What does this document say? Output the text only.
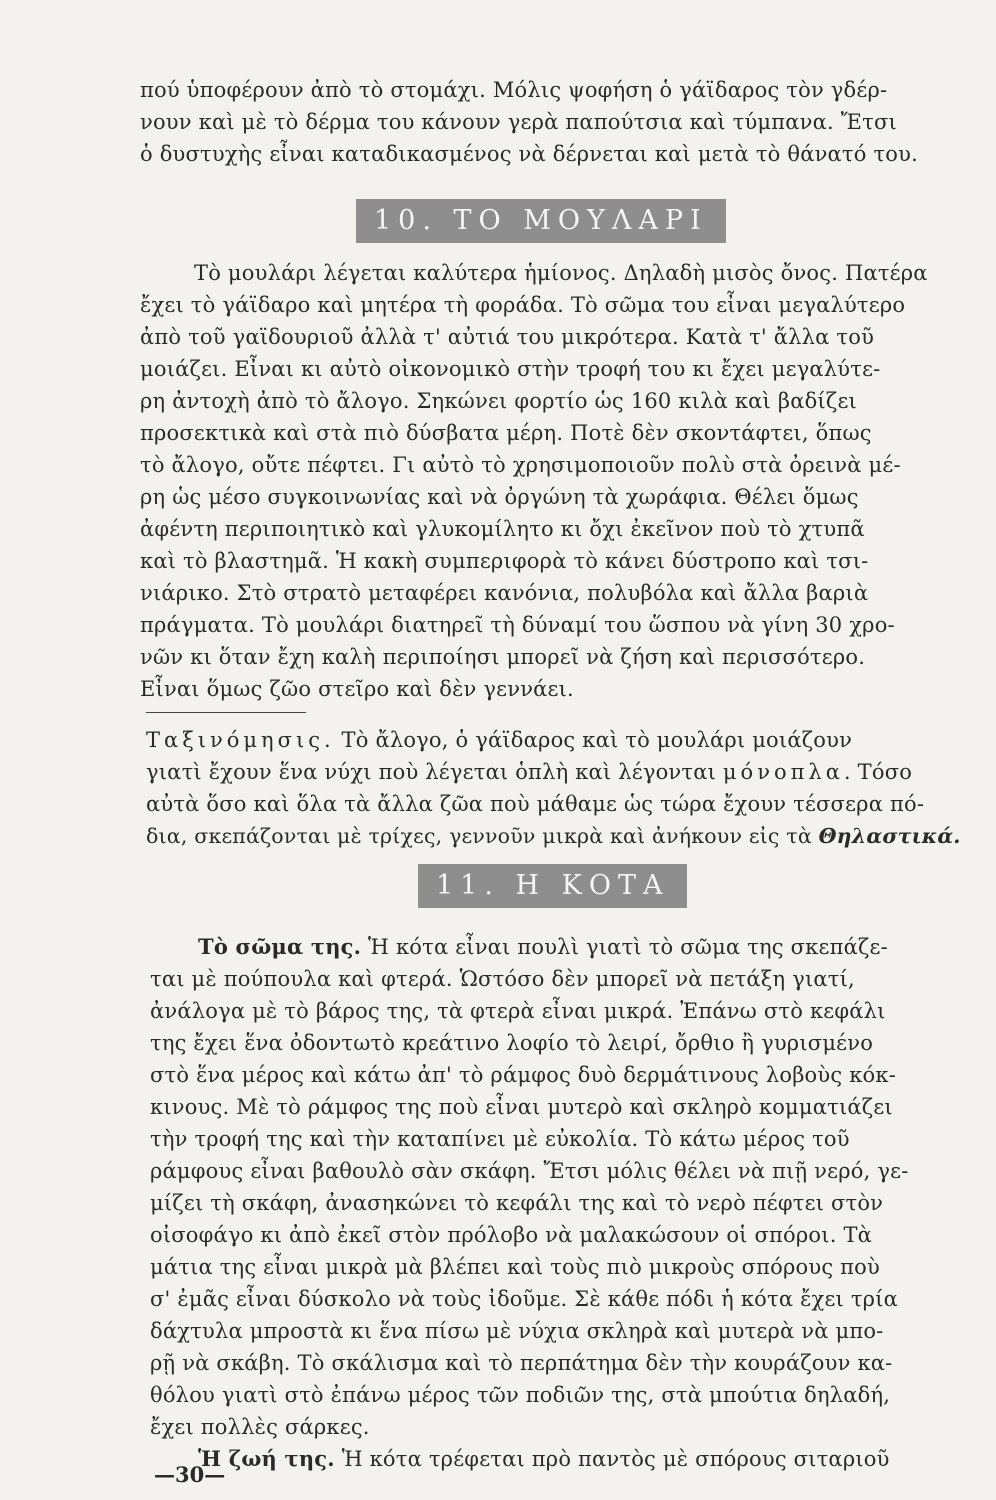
πού ὑποφέρουν ἀπὸ τὸ στομάχι. Μόλις ψοφήση ὁ γάϊδαρος τὸν γδέρ-
νουν καὶ μὲ τὸ δέρμα του κάνουν γερὰ παπούτσια καὶ τύμπανα. Ἔτσι
ὁ δυστυχὴς εἶναι καταδικασμένος νὰ δέρνεται καὶ μετὰ τὸ θάνατό του.
10. ΤΟ ΜΟΥΛΑΡΙ
Τὸ μουλάρι λέγεται καλύτερα ἡμίονος. Δηλαδὴ μισὸς ὄνος. Πατέρα
ἔχει τὸ γάϊδαρο καὶ μητέρα τὴ φοράδα. Τὸ σῶμα του εἶναι μεγαλύτερο
ἀπὸ τοῦ γαϊδουριοῦ ἀλλὰ τ' αὐτιά του μικρότερα. Κατὰ τ' ἄλλα τοῦ
μοιάζει. Εἶναι κι αὐτὸ οἰκονομικὸ στὴν τροφή του κι ἔχει μεγαλύτε-
ρη ἀντοχὴ ἀπὸ τὸ ἄλογο. Σηκώνει φορτίο ὡς 160 κιλὰ καὶ βαδίζει
προσεκτικὰ καὶ στὰ πιὸ δύσβατα μέρη. Ποτὲ δὲν σκοντάφτει, ὅπως
τὸ ἄλογο, οὔτε πέφτει. Γι αὐτὸ τὸ χρησιμοποιοῦν πολὺ στὰ ὀρεινὰ μέ-
ρη ὡς μέσο συγκοινωνίας καὶ νὰ ὀργώνη τὰ χωράφια. Θέλει ὅμως
ἀφέντη περιποιητικὸ καὶ γλυκομίλητο κι ὄχι ἐκεῖνον ποὺ τὸ χτυπᾶ
καὶ τὸ βλαστημᾶ. Ἡ κακὴ συμπεριφορὰ τὸ κάνει δύστροπο καὶ τσι-
νιάρικο. Στὸ στρατὸ μεταφέρει κανόνια, πολυβόλα καὶ ἄλλα βαριὰ
πράγματα. Τὸ μουλάρι διατηρεῖ τὴ δύναμί του ὥσπου νὰ γίνη 30 χρο-
νῶν κι ὅταν ἔχη καλὴ περιποίησι μπορεῖ νὰ ζήση καὶ περισσότερο.
Εἶναι ὅμως ζῶο στεῖρο καὶ δὲν γεννάει.
Ταξινόμησις. Τὸ ἄλογο, ὁ γάϊδαρος καὶ τὸ μουλάρι μοιάζουν
γιατὶ ἔχουν ἕνα νύχι ποὺ λέγεται ὁπλὴ καὶ λέγονται μόνοπλα. Τόσο
αὐτὰ ὅσο καὶ ὅλα τὰ ἄλλα ζῶα ποὺ μάθαμε ὡς τώρα ἔχουν τέσσερα πό-
δια, σκεπάζονται μὲ τρίχες, γεννοῦν μικρὰ καὶ ἀνήκουν εἰς τὰ Θηλαστικά.
11. Η ΚΟΤΑ
Τὸ σῶμα της. Ἡ κότα εἶναι πουλὶ γιατὶ τὸ σῶμα της σκεπάζε-
ται μὲ πούπουλα καὶ φτερά. Ὡστόσο δὲν μπορεῖ νὰ πετάξη γιατί,
ἀνάλογα μὲ τὸ βάρος της, τὰ φτερὰ εἶναι μικρά. Ἐπάνω στὸ κεφάλι
της ἔχει ἕνα ὀδοντωτὸ κρεάτινο λοφίο τὸ λειρί, ὄρθιο ἢ γυρισμένο
στὸ ἕνα μέρος καὶ κάτω ἀπ' τὸ ράμφος δυὸ δερμάτινους λοβοὺς κόκ-
κινους. Μὲ τὸ ράμφος της ποὺ εἶναι μυτερὸ καὶ σκληρὸ κομματιάζει
τὴν τροφή της καὶ τὴν καταπίνει μὲ εὐκολία. Τὸ κάτω μέρος τοῦ
ράμφους εἶναι βαθουλὸ σὰν σκάφη. Ἔτσι μόλις θέλει νὰ πιῇ νερό, γε-
μίζει τὴ σκάφη, ἀνασηκώνει τὸ κεφάλι της καὶ τὸ νερὸ πέφτει στὸν
οἰσοφάγο κι ἀπὸ ἐκεῖ στὸν πρόλοβο νὰ μαλακώσουν οἱ σπόροι. Τὰ
μάτια της εἶναι μικρὰ μὰ βλέπει καὶ τοὺς πιὸ μικροὺς σπόρους ποὺ
σ' ἐμᾶς εἶναι δύσκολο νὰ τοὺς ἰδοῦμε. Σὲ κάθε πόδι ἡ κότα ἔχει τρία
δάχτυλα μπροστὰ κι ἕνα πίσω μὲ νύχια σκληρὰ καὶ μυτερὰ νὰ μπο-
ρῇ νὰ σκάβη. Τὸ σκάλισμα καὶ τὸ περπάτημα δὲν τὴν κουράζουν κα-
θόλου γιατὶ στὸ ἐπάνω μέρος τῶν ποδιῶν της, στὰ μπούτια δηλαδή,
ἔχει πολλὲς σάρκες.
Ἡ ζωή της. Ἡ κότα τρέφεται πρὸ παντὸς μὲ σπόρους σιταριοῦ
—30—
